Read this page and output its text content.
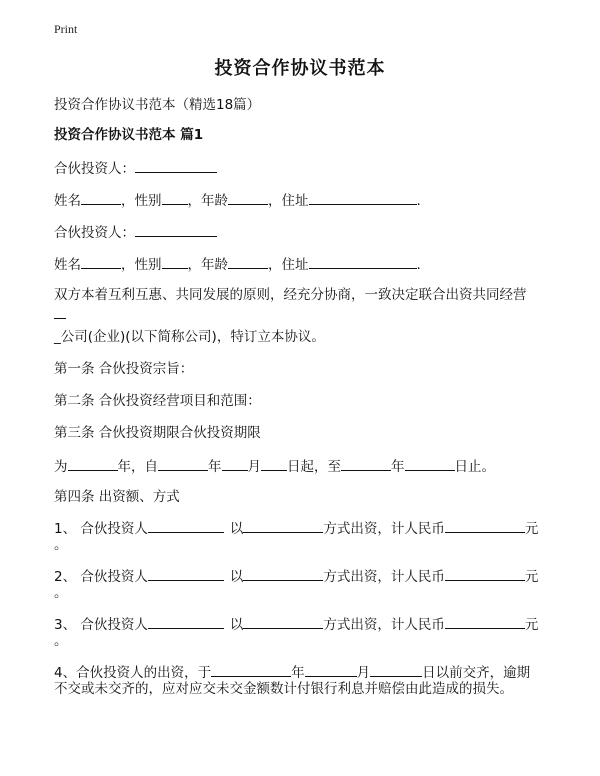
Print
投资合作协议书范本
投资合作协议书范本（精选18篇）
投资合作协议书范本 篇1
合伙投资人：
姓名	，性别 ，年龄	，住址	.
合伙投资人：
姓名	，性别 ，年龄	，住址	.
双方本着互利互惠、共同发展的原则，经充分协商，一致决定联合出资共同经营
_公司(企业)(以下简称公司)，特订立本协议。
第一条 合伙投资宗旨：
第二条 合伙投资经营项目和范围：
第三条 合伙投资期限合伙投资期限
为	年，自	年 月 日起，至	年	日止。
第四条 出资额、方式
1、 合伙投资人	以	方式出资，计人民币	元
。
2、 合伙投资人	以	方式出资，计人民币	元
。
3、 合伙投资人	以	方式出资，计人民币	元
。
4、合伙投资人的出资，于	年	月	日以前交齐，逾期
不交或未交齐的，应对应交未交金额数计付银行利息并赔偿由此造成的损失。
